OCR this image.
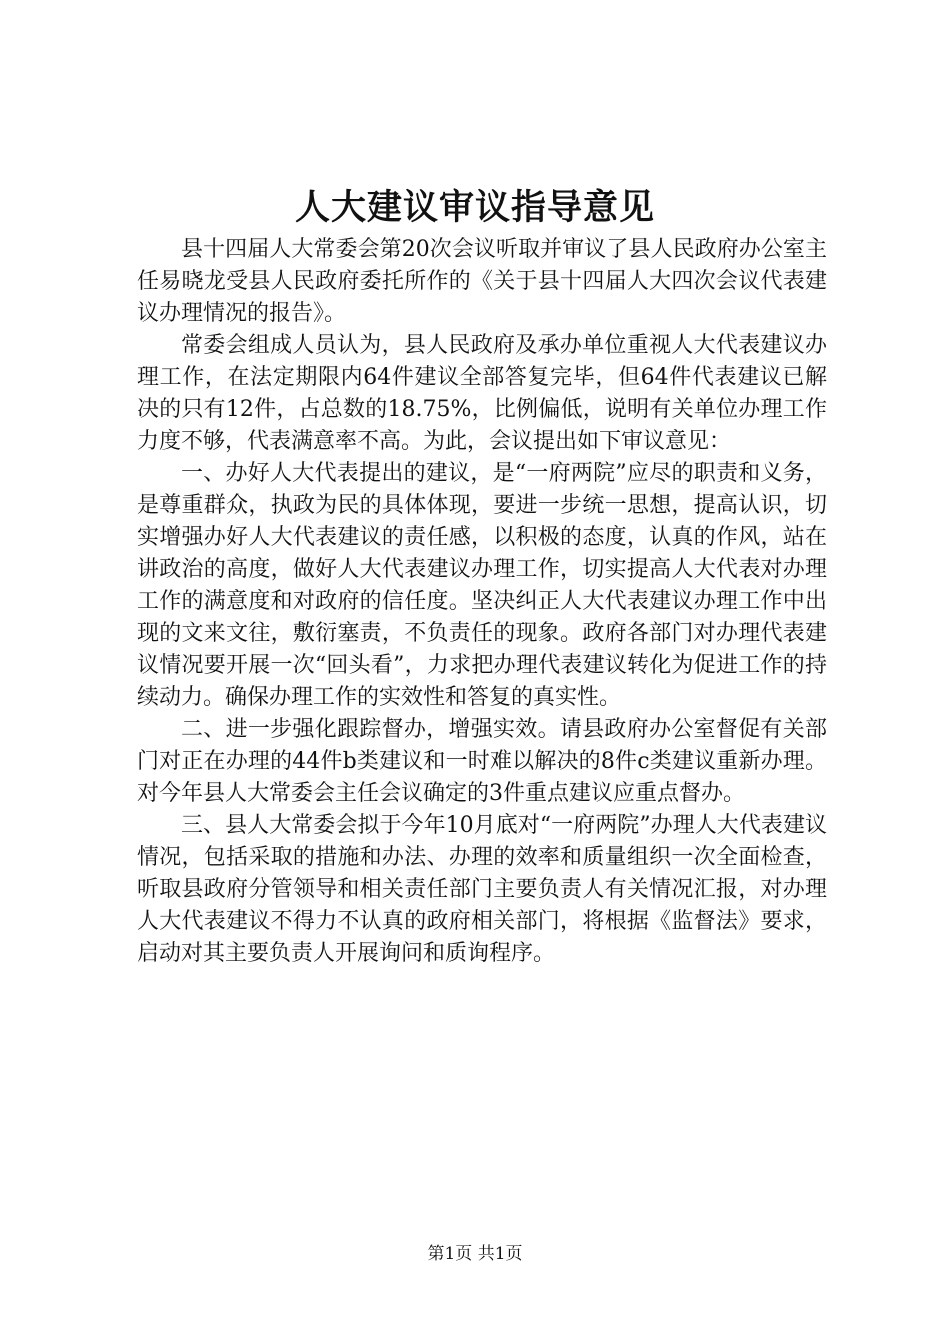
人大建议审议指导意见

县十四届人大常委会第20次会议听取并审议了县人民政府办公室主任易晓龙受县人民政府委托所作的《关于县十四届人大四次会议代表建议办理情况的报告》。

常委会组成人员认为，县人民政府及承办单位重视人大代表建议办理工作，在法定期限内64件建议全部答复完毕，但64件代表建议已解决的只有12件，占总数的18.75%，比例偏低，说明有关单位办理工作力度不够，代表满意率不高。为此，会议提出如下审议意见：

一、办好人大代表提出的建议，是“一府两院”应尽的职责和义务，是尊重群众，执政为民的具体体现，要进一步统一思想，提高认识，切实增强办好人大代表建议的责任感，以积极的态度，认真的作风，站在讲政治的高度，做好人大代表建议办理工作，切实提高人大代表对办理工作的满意度和对政府的信任度。坚决纠正人大代表建议办理工作中出现的文来文往，敷衍塞责，不负责任的现象。政府各部门对办理代表建议情况要开展一次“回头看”，力求把办理代表建议转化为促进工作的持续动力。确保办理工作的实效性和答复的真实性。

二、进一步强化跟踪督办，增强实效。请县政府办公室督促有关部门对正在办理的44件b类建议和一时难以解决的8件c类建议重新办理。对今年县人大常委会主任会议确定的3件重点建议应重点督办。

三、县人大常委会拟于今年10月底对“一府两院”办理人大代表建议情况，包括采取的措施和办法、办理的效率和质量组织一次全面检查，听取县政府分管领导和相关责任部门主要负责人有关情况汇报，对办理人大代表建议不得力不认真的政府相关部门，将根据《监督法》要求，启动对其主要负责人开展询问和质询程序。

第1页 共1页
